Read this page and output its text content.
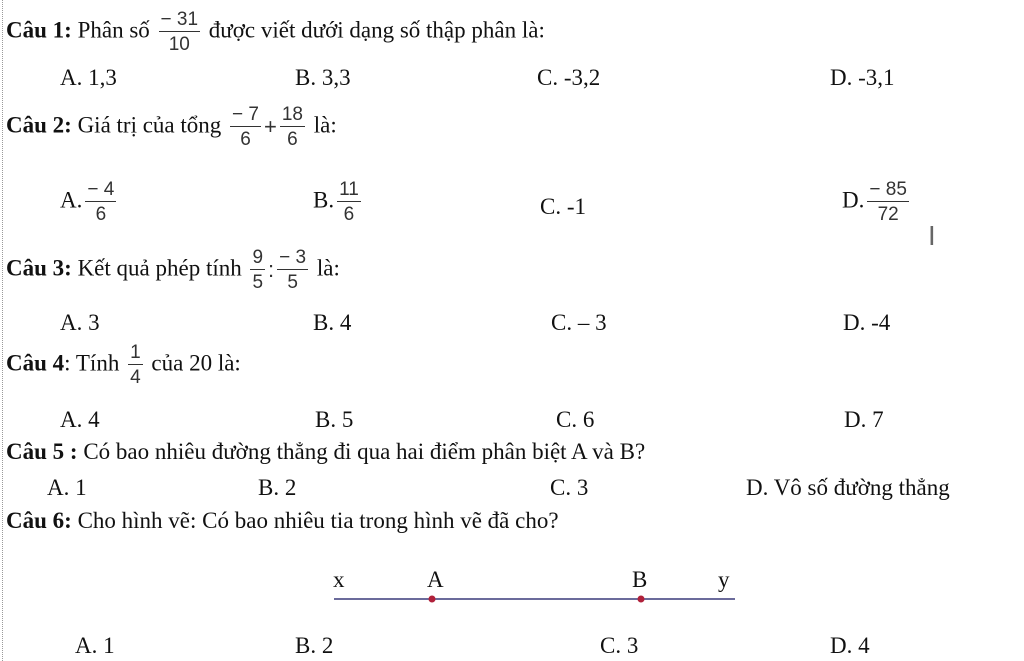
Câu 1: Phân số $\frac{- 31}{10}$ được viết dưới dạng số thập phân là:
A. 1,3	B. 3,3	C. -3,2	D. -3,1
Câu 2: Giá trị của tổng $\frac{- 7}{6} + \frac{18}{6}$ là:
A. $\frac{- 4}{6}$	B. $\frac{11}{6}$	C. -1	D. $\frac{- 85}{72}$
I
Câu 3: Kết quả phép tính $\frac{9}{5}$ : $\frac{- 3}{5}$ là:
A. 3	B. 4	C. – 3	D. -4
Câu 4: Tính $\frac{1}{4}$ của 20 là:
A. 4	B. 5	C. 6	D. 7
Câu 5 : Có bao nhiêu đường thẳng đi qua hai điểm phân biệt A và B?
A. 1	B. 2	C. 3	D. Vô số đường thẳng
Câu 6: Cho hình vẽ: Có bao nhiêu tia trong hình vẽ đã cho?
x	A	B	y
A. 1	B. 2	C. 3	D. 4
